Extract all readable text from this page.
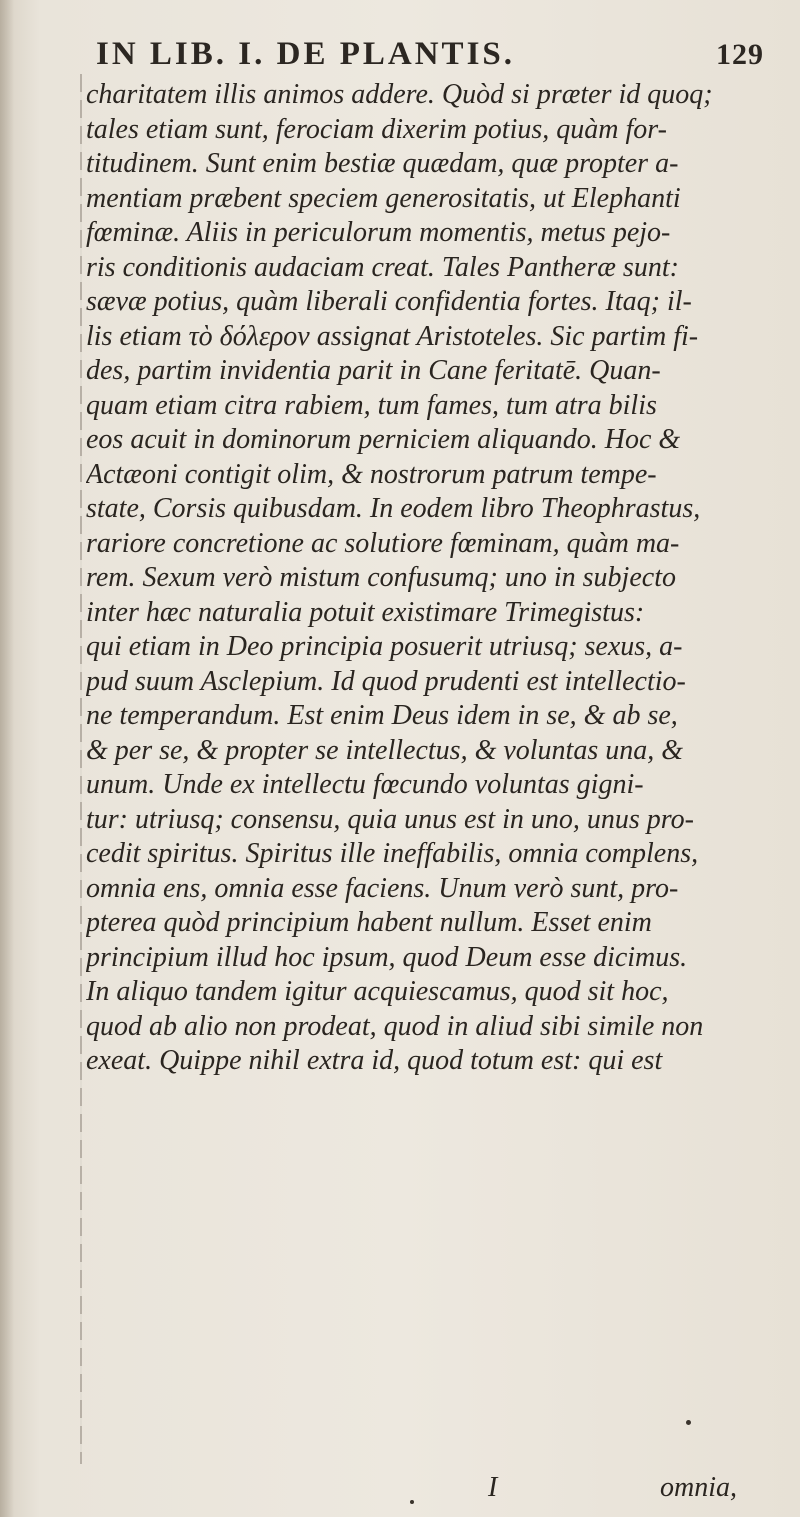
IN LIB. I. DE PLANTIS.	129
charitatem illis animos addere. Quòd si præter id quoq;
tales etiam sunt, ferociam dixerim potius, quàm for-
titudinem. Sunt enim bestiæ quædam, quæ propter a-
mentiam præbent speciem generositatis, ut Elephanti
fœminæ. Aliis in periculorum momentis, metus pejo-
ris conditionis audaciam creat. Tales Pantheræ sunt:
sævæ potius, quàm liberali confidentia fortes. Itaq; il-
lis etiam τὸ δόλερον assignat Aristoteles. Sic partim fi-
des, partim invidentia parit in Cane feritatē. Quan-
quam etiam citra rabiem, tum fames, tum atra bilis
eos acuit in dominorum perniciem aliquando. Hoc &
Actæoni contigit olim, & nostrorum patrum tempe-
state, Corsis quibusdam. In eodem libro Theophrastus,
rariore concretione ac solutiore fœminam, quàm ma-
rem. Sexum verò mistum confusumq; uno in subjecto
inter hæc naturalia potuit existimare Trimegistus:
qui etiam in Deo principia posuerit utriusq; sexus, a-
pud suum Asclepium. Id quod prudenti est intellectio-
ne temperandum. Est enim Deus idem in se, & ab se,
& per se, & propter se intellectus, & voluntas una, &
unum. Unde ex intellectu fœcundo voluntas gigni-
tur: utriusq; consensu, quia unus est in uno, unus pro-
cedit spiritus. Spiritus ille ineffabilis, omnia complens,
omnia ens, omnia esse faciens. Unum verò sunt, pro-
pterea quòd principium habent nullum. Esset enim
principium illud hoc ipsum, quod Deum esse dicimus.
In aliquo tandem igitur acquiescamus, quod sit hoc,
quod ab alio non prodeat, quod in aliud sibi simile non
exeat. Quippe nihil extra id, quod totum est: qui est
I	omnia,
